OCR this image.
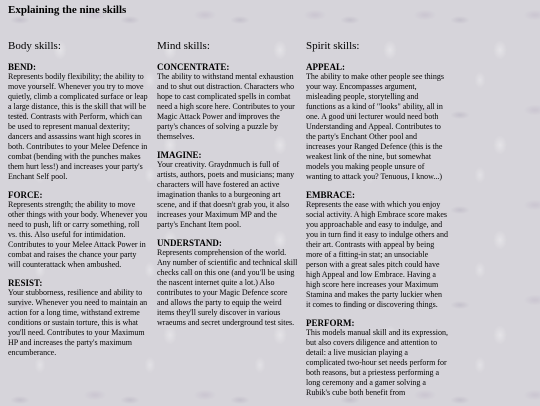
Explaining the nine skills
Body skills:
BEND:

Represents bodily flexibility; the ability to move yourself. Whenever you try to move quietly, climb a complicated surface or leap a large distance, this is the skill that will be tested. Contrasts with Perform, which can be used to represent manual dexterity; dancers and assassins want high scores in both. Contributes to your Melee Defence in combat (bending with the punches makes them hurt less!) and increases your party's Enchant Self pool.

FORCE:

Represents strength; the ability to move other things with your body. Whenever you need to push, lift or carry something, roll vs. this. Also useful for intimidation. Contributes to your Melee Attack Power in combat and raises the chance your party will counterattack when ambushed.

RESIST:

Your stubborness, resilience and ability to survive. Whenever you need to maintain an action for a long time, withstand extreme conditions or sustain torture, this is what you'll need. Contributes to your Maximum HP and increases the party's maximum encumberance.

Mind skills:
CONCENTRATE:

The ability to withstand mental exhaustion and to shut out distraction. Characters who hope to cast complicated spells in combat need a high score here. Contributes to your Magic Attack Power and improves the party's chances of solving a puzzle by themselves.

IMAGINE:

Your creativity. Graydnmuch is full of artists, authors, poets and musicians; many characters will have fostered an active imagination thanks to a burgeoning art scene, and if that doesn't grab you, it also increases your Maximum MP and the party's Enchant Item pool.

UNDERSTAND:

Represents comprehension of the world. Any number of scientific and technical skill checks call on this one (and you'll be using the nascent internet quite a lot.) Also contributes to your Magic Defence score and allows the party to equip the weird items they'll surely discover in various wraeums and secret underground test sites.

Spirit skills:
APPEAL:

The ability to make other people see things your way. Encompasses argument, misleading people, storytelling and functions as a kind of "looks" ability, all in one. A good uni lecturer would need both Understanding and Appeal. Contributes to the party's Enchant Other pool and increases your Ranged Defence (this is the weakest link of the nine, but somewhat models you making people unsure of wanting to attack you? Tenuous, I know...)

EMBRACE:

Represents the ease with which you enjoy social activity. A high Embrace score makes you approachable and easy to indulge, and you in turn find it easy to indulge others and their art. Contrasts with appeal by being more of a fitting-in stat; an unsociable person with a great sales pitch could have high Appeal and low Embrace. Having a high score here increases your Maximum Stamina and makes the party luckier when it comes to finding or discovering things.

PERFORM:

This models manual skill and its expression, but also covers diligence and attention to detail: a live musician playing a complicated two-hour set needs perform for both reasons, but a priestess performing a long ceremony and a gamer solving a Rubik's cube both benefit from
